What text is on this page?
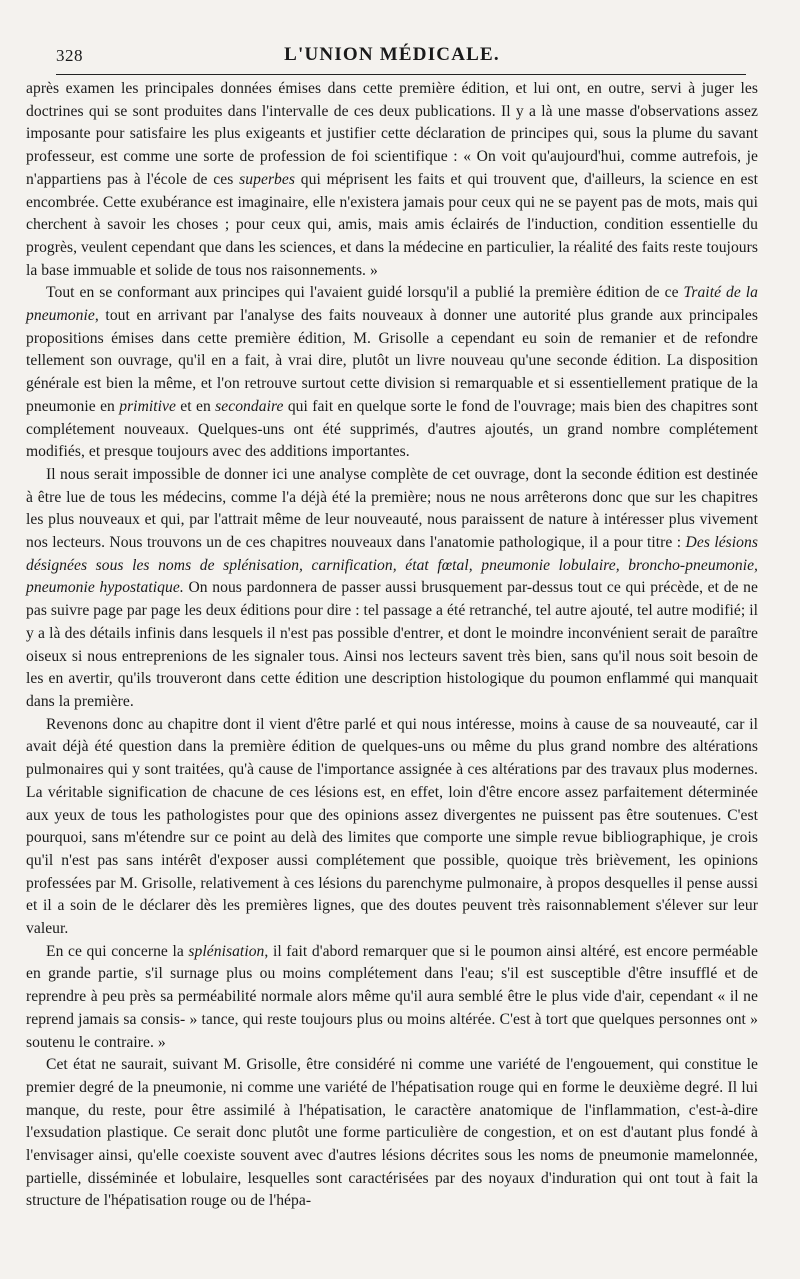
328	L'UNION MÉDICALE.

après examen les principales données émises dans cette première édition, et lui ont, en outre, servi à juger les doctrines qui se sont produites dans l'intervalle de ces deux publications. Il y a là une masse d'observations assez imposante pour satisfaire les plus exigeants et justifier cette déclaration de principes qui, sous la plume du savant professeur, est comme une sorte de profession de foi scientifique : « On voit qu'aujourd'hui, comme autrefois, je n'appartiens pas à l'école de ces superbes qui méprisent les faits et qui trouvent que, d'ailleurs, la science en est encombrée. Cette exubérance est imaginaire, elle n'existera jamais pour ceux qui ne se payent pas de mots, mais qui cherchent à savoir les choses ; pour ceux qui, amis, mais amis éclairés de l'induction, condition essentielle du progrès, veulent cependant que dans les sciences, et dans la médecine en particulier, la réalité des faits reste toujours la base immuable et solide de tous nos raisonnements. »

Tout en se conformant aux principes qui l'avaient guidé lorsqu'il a publié la première édition de ce Traité de la pneumonie, tout en arrivant par l'analyse des faits nouveaux à donner une autorité plus grande aux principales propositions émises dans cette première édition, M. Grisolle a cependant eu soin de remanier et de refondre tellement son ouvrage, qu'il en a fait, à vrai dire, plutôt un livre nouveau qu'une seconde édition. La disposition générale est bien la même, et l'on retrouve surtout cette division si remarquable et si essentiellement pratique de la pneumonie en primitive et en secondaire qui fait en quelque sorte le fond de l'ouvrage; mais bien des chapitres sont complétement nouveaux. Quelques-uns ont été supprimés, d'autres ajoutés, un grand nombre complétement modifiés, et presque toujours avec des additions importantes.

Il nous serait impossible de donner ici une analyse complète de cet ouvrage, dont la seconde édition est destinée à être lue de tous les médecins, comme l'a déjà été la première; nous ne nous arrêterons donc que sur les chapitres les plus nouveaux et qui, par l'attrait même de leur nouveauté, nous paraissent de nature à intéresser plus vivement nos lecteurs. Nous trouvons un de ces chapitres nouveaux dans l'anatomie pathologique, il a pour titre : Des lésions désignées sous les noms de splénisation, carnification, état fœtal, pneumonie lobulaire, broncho-pneumonie, pneumonie hypostatique. On nous pardonnera de passer aussi brusquement par-dessus tout ce qui précède, et de ne pas suivre page par page les deux éditions pour dire : tel passage a été retranché, tel autre ajouté, tel autre modifié; il y a là des détails infinis dans lesquels il n'est pas possible d'entrer, et dont le moindre inconvénient serait de paraître oiseux si nous entreprenions de les signaler tous. Ainsi nos lecteurs savent très bien, sans qu'il nous soit besoin de les en avertir, qu'ils trouveront dans cette édition une description histologique du poumon enflammé qui manquait dans la première.

Revenons donc au chapitre dont il vient d'être parlé et qui nous intéresse, moins à cause de sa nouveauté, car il avait déjà été question dans la première édition de quelques-uns ou même du plus grand nombre des altérations pulmonaires qui y sont traitées, qu'à cause de l'importance assignée à ces altérations par des travaux plus modernes. La véritable signification de chacune de ces lésions est, en effet, loin d'être encore assez parfaitement déterminée aux yeux de tous les pathologistes pour que des opinions assez divergentes ne puissent pas être soutenues. C'est pourquoi, sans m'étendre sur ce point au delà des limites que comporte une simple revue bibliographique, je crois qu'il n'est pas sans intérêt d'exposer aussi complétement que possible, quoique très brièvement, les opinions professées par M. Grisolle, relativement à ces lésions du parenchyme pulmonaire, à propos desquelles il pense aussi et il a soin de le déclarer dès les premières lignes, que des doutes peuvent très raisonnablement s'élever sur leur valeur.

En ce qui concerne la splénisation, il fait d'abord remarquer que si le poumon ainsi altéré, est encore perméable en grande partie, s'il surnage plus ou moins complétement dans l'eau; s'il est susceptible d'être insufflé et de reprendre à peu près sa perméabilité normale alors même qu'il aura semblé être le plus vide d'air, cependant « il ne reprend jamais sa consis- » tance, qui reste toujours plus ou moins altérée. C'est à tort que quelques personnes ont » soutenu le contraire. »

Cet état ne saurait, suivant M. Grisolle, être considéré ni comme une variété de l'engouement, qui constitue le premier degré de la pneumonie, ni comme une variété de l'hépatisation rouge qui en forme le deuxième degré. Il lui manque, du reste, pour être assimilé à l'hépatisation, le caractère anatomique de l'inflammation, c'est-à-dire l'exsudation plastique. Ce serait donc plutôt une forme particulière de congestion, et on est d'autant plus fondé à l'envisager ainsi, qu'elle coexiste souvent avec d'autres lésions décrites sous les noms de pneumonie mamelonnée, partielle, disséminée et lobulaire, lesquelles sont caractérisées par des noyaux d'induration qui ont tout à fait la structure de l'hépatisation rouge ou de l'hépa-
